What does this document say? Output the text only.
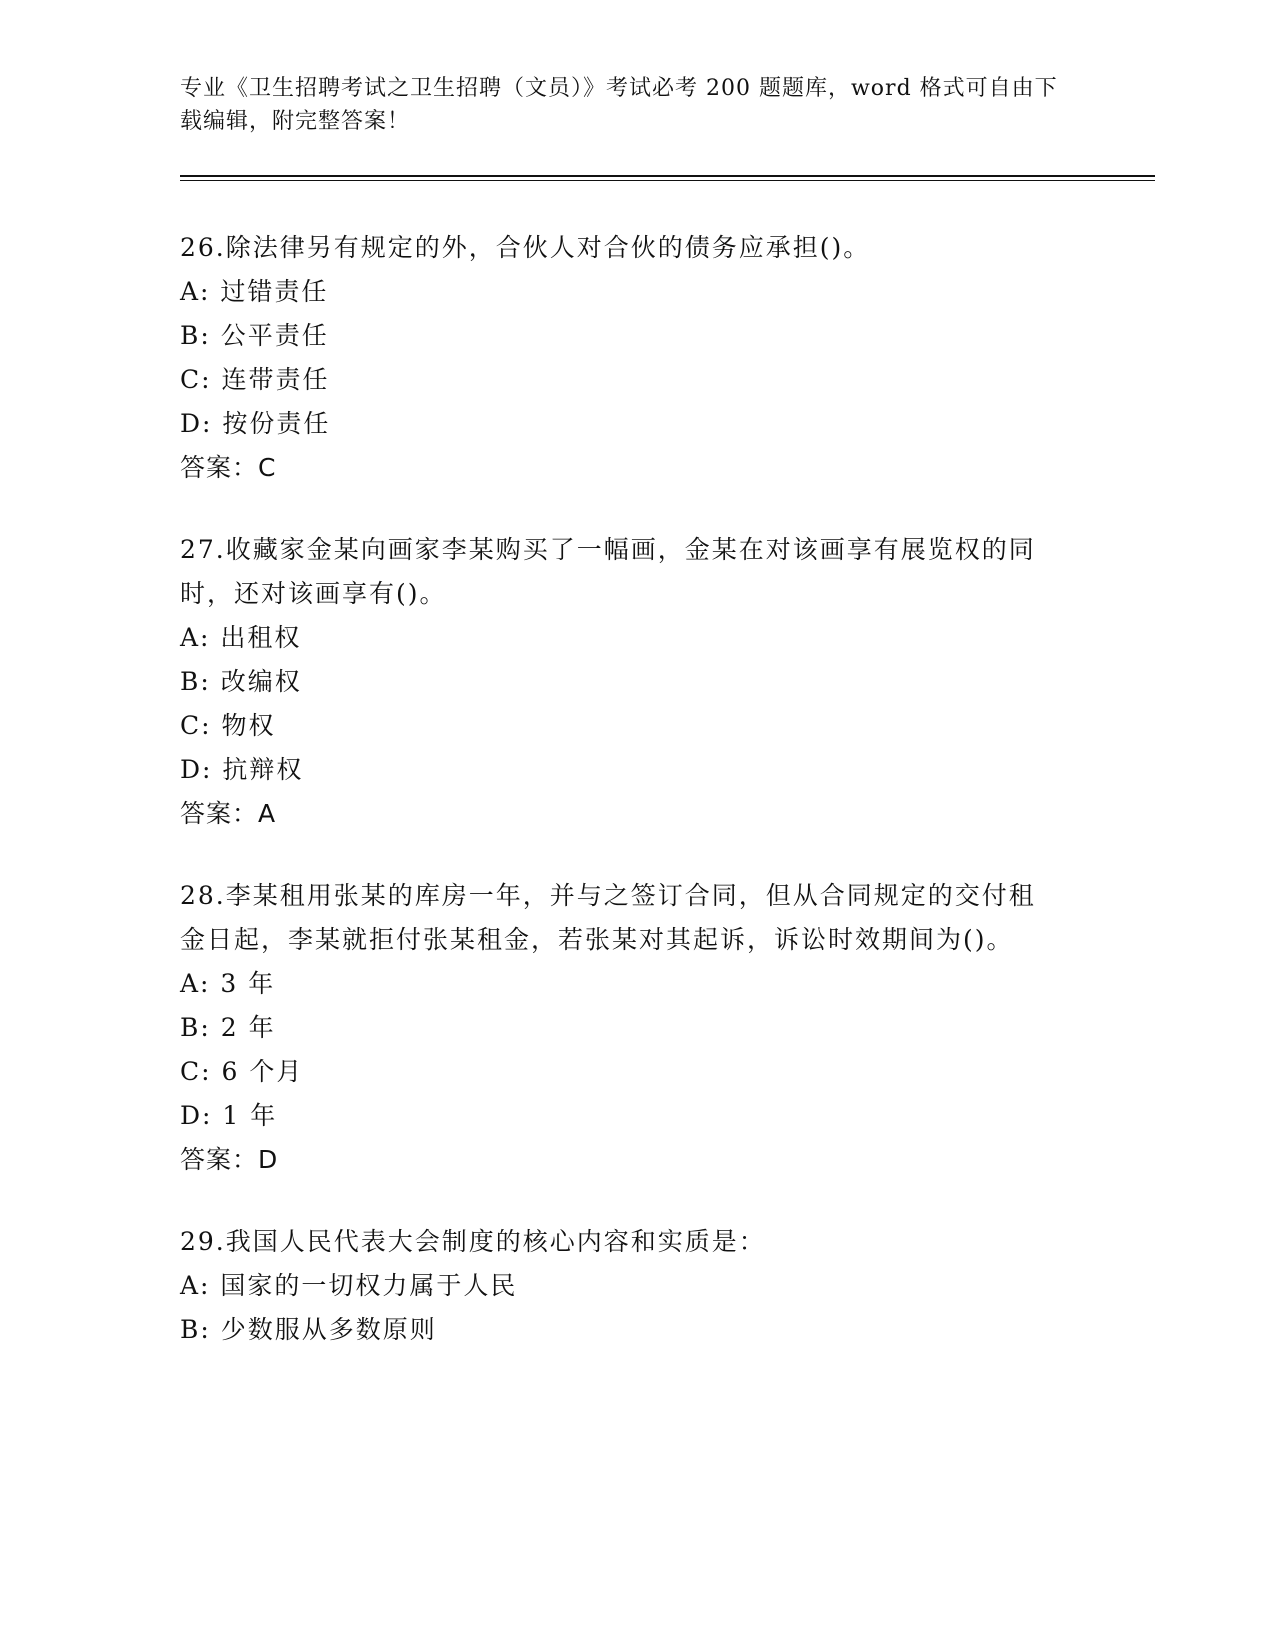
专业《卫生招聘考试之卫生招聘（文员）》考试必考 200 题题库，word 格式可自由下载编辑，附完整答案！
26.除法律另有规定的外，合伙人对合伙的债务应承担()。
A: 过错责任
B: 公平责任
C: 连带责任
D: 按份责任
答案：C
27.收藏家金某向画家李某购买了一幅画，金某在对该画享有展览权的同时，还对该画享有()。
A: 出租权
B: 改编权
C: 物权
D: 抗辩权
答案：A
28.李某租用张某的库房一年，并与之签订合同，但从合同规定的交付租金日起，李某就拒付张某租金，若张某对其起诉，诉讼时效期间为()。
A: 3 年
B: 2 年
C: 6 个月
D: 1 年
答案：D
29.我国人民代表大会制度的核心内容和实质是：
A: 国家的一切权力属于人民
B: 少数服从多数原则
